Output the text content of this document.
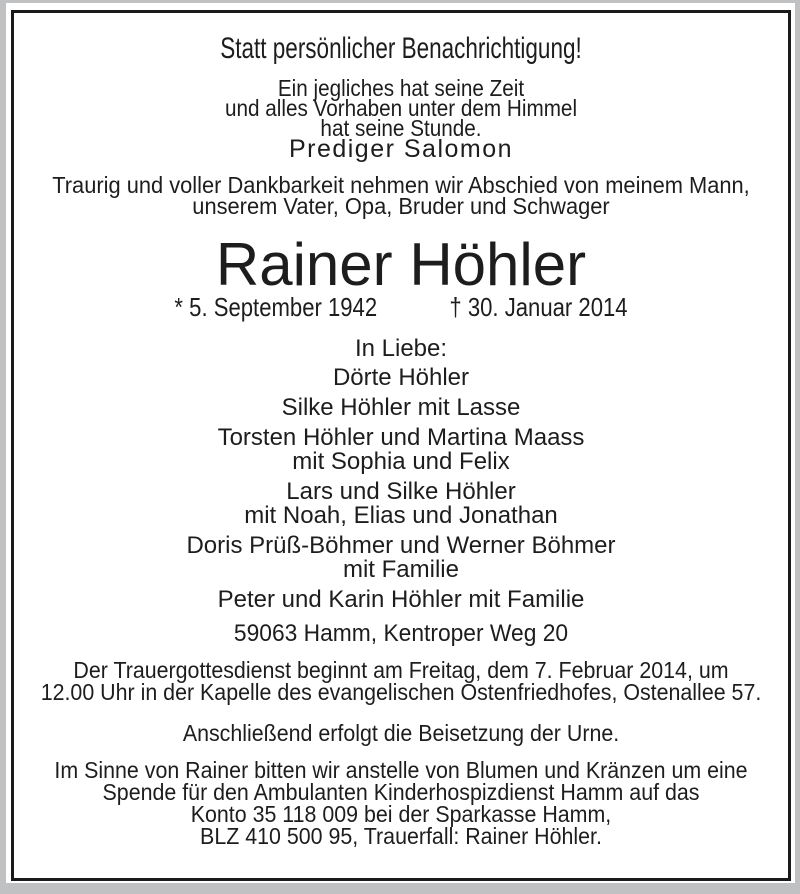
Statt persönlicher Benachrichtigung!
Ein jegliches hat seine Zeit
und alles Vorhaben unter dem Himmel
hat seine Stunde.
Prediger Salomon
Traurig und voller Dankbarkeit nehmen wir Abschied von meinem Mann,
unserem Vater, Opa, Bruder und Schwager
Rainer Höhler
* 5. September 1942	† 30. Januar 2014
In Liebe:
Dörte Höhler
Silke Höhler mit Lasse
Torsten Höhler und Martina Maass
mit Sophia und Felix
Lars und Silke Höhler
mit Noah, Elias und Jonathan
Doris Prüß-Böhmer und Werner Böhmer
mit Familie
Peter und Karin Höhler mit Familie
59063 Hamm, Kentroper Weg 20
Der Trauergottesdienst beginnt am Freitag, dem 7. Februar 2014, um
12.00 Uhr in der Kapelle des evangelischen Ostenfriedhofes, Ostenallee 57.
Anschließend erfolgt die Beisetzung der Urne.
Im Sinne von Rainer bitten wir anstelle von Blumen und Kränzen um eine
Spende für den Ambulanten Kinderhospizdienst Hamm auf das
Konto 35 118 009 bei der Sparkasse Hamm,
BLZ 410 500 95, Trauerfall: Rainer Höhler.
